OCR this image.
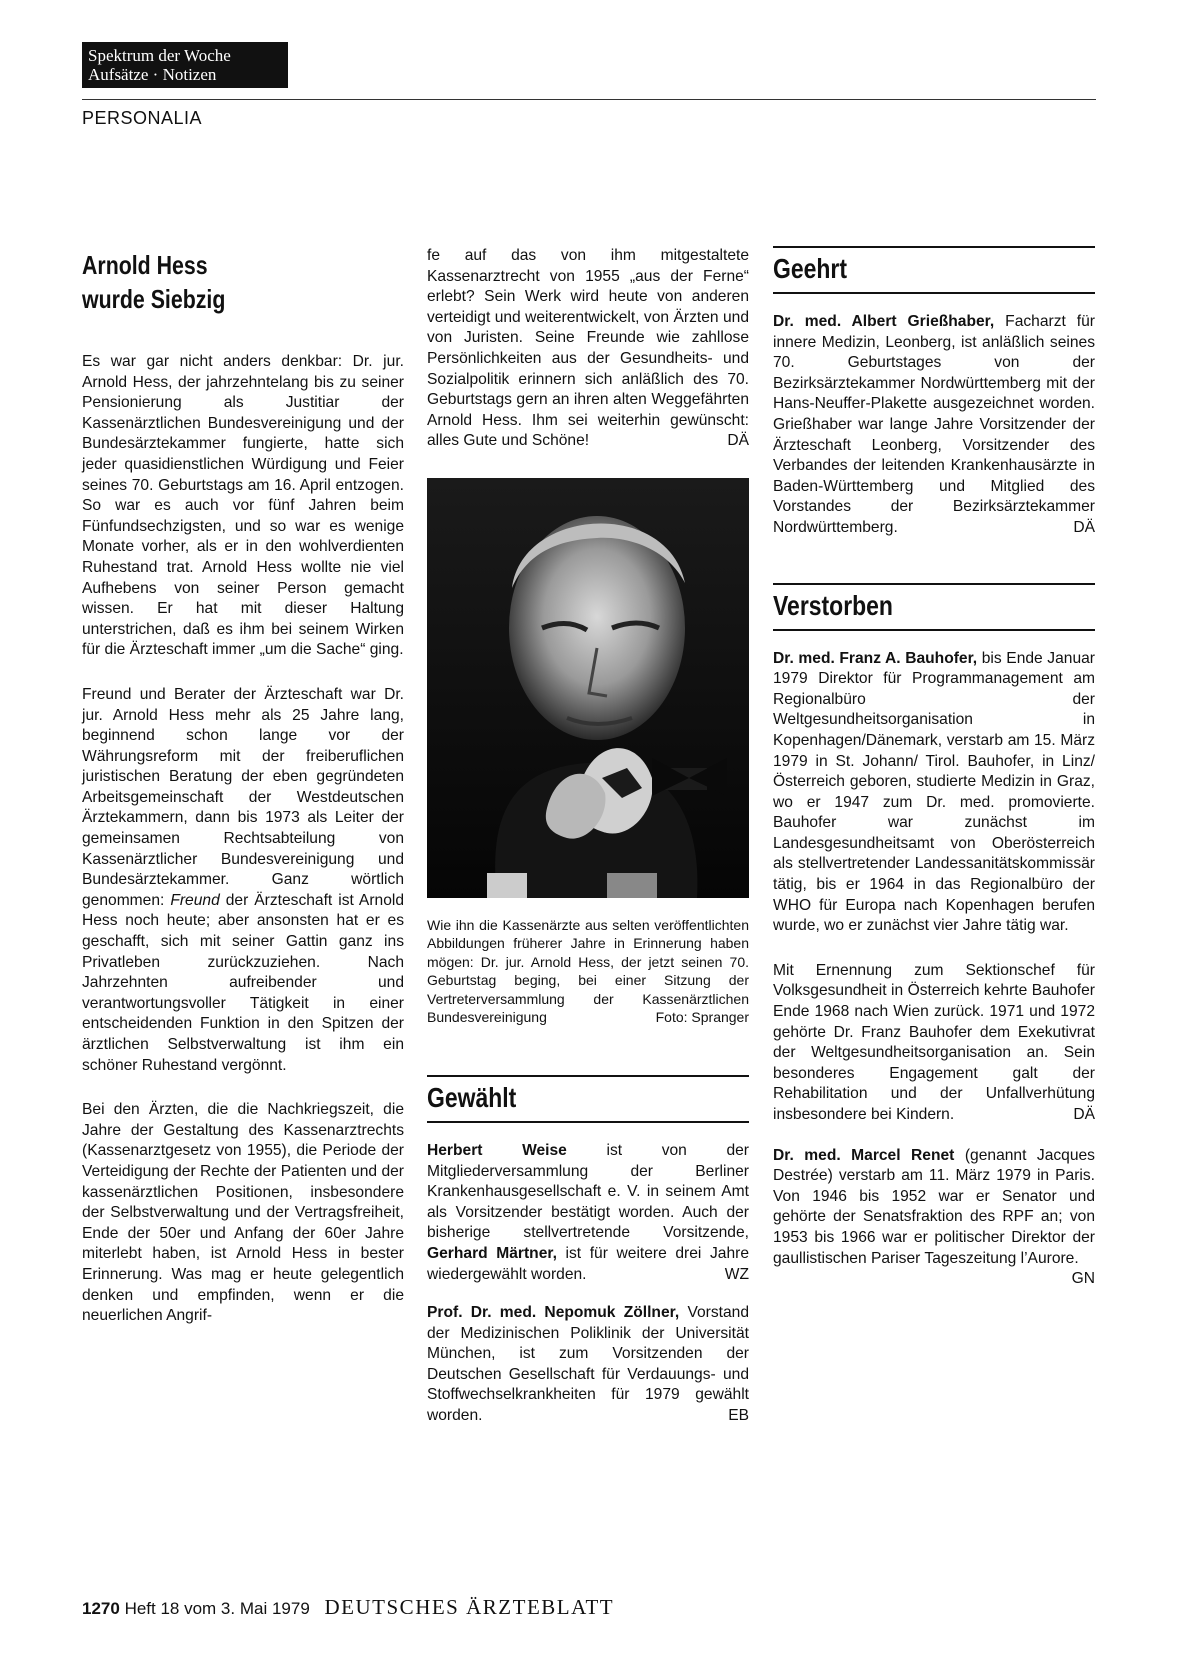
Spektrum der Woche
Aufsätze · Notizen
PERSONALIA
Arnold Hess
wurde Siebzig

Es war gar nicht anders denkbar: Dr. jur. Arnold Hess, der jahrzehntelang bis zu seiner Pensionierung als Justitiar der Kassenärztlichen Bundesvereinigung und der Bundesärztekammer fungierte, hatte sich jeder quasidienstlichen Würdigung und Feier seines 70. Geburtstags am 16. April entzogen. So war es auch vor fünf Jahren beim Fünfundsechzigsten, und so war es wenige Monate vorher, als er in den wohlverdienten Ruhestand trat. Arnold Hess wollte nie viel Aufhebens von seiner Person gemacht wissen. Er hat mit dieser Haltung unterstrichen, daß es ihm bei seinem Wirken für die Ärzteschaft immer „um die Sache“ ging.

Freund und Berater der Ärzteschaft war Dr. jur. Arnold Hess mehr als 25 Jahre lang, beginnend schon lange vor der Währungsreform mit der freiberuflichen juristischen Beratung der eben gegründeten Arbeitsgemeinschaft der Westdeutschen Ärztekammern, dann bis 1973 als Leiter der gemeinsamen Rechtsabteilung von Kassenärztlicher Bundesvereinigung und Bundesärztekammer. Ganz wörtlich genommen: Freund der Ärzteschaft ist Arnold Hess noch heute; aber ansonsten hat er es geschafft, sich mit seiner Gattin ganz ins Privatleben zurückzuziehen. Nach Jahrzehnten aufreibender und verantwortungsvoller Tätigkeit in einer entscheidenden Funktion in den Spitzen der ärztlichen Selbstverwaltung ist ihm ein schöner Ruhestand vergönnt.

Bei den Ärzten, die die Nachkriegszeit, die Jahre der Gestaltung des Kassenarztrechts (Kassenarztgesetz von 1955), die Periode der Verteidigung der Rechte der Patienten und der kassenärztlichen Positionen, insbesondere der Selbstverwaltung und der Vertragsfreiheit, Ende der 50er und Anfang der 60er Jahre miterlebt haben, ist Arnold Hess in bester Erinnerung. Was mag er heute gelegentlich denken und empfinden, wenn er die neuerlichen Angrif-

fe auf das von ihm mitgestaltete Kassenarztrecht von 1955 „aus der Ferne“ erlebt? Sein Werk wird heute von anderen verteidigt und weiterentwickelt, von Ärzten und von Juristen. Seine Freunde wie zahllose Persönlichkeiten aus der Gesundheits- und Sozialpolitik erinnern sich anläßlich des 70. Geburtstags gern an ihren alten Weggefährten Arnold Hess. Ihm sei weiterhin gewünscht: alles Gute und Schöne!	DÄ

Wie ihn die Kassenärzte aus selten veröffentlichten Abbildungen früherer Jahre in Erinnerung haben mögen: Dr. jur. Arnold Hess, der jetzt seinen 70. Geburtstag beging, bei einer Sitzung der Vertreterversammlung der Kassenärztlichen Bundesvereinigung	Foto: Spranger
Gewählt

Herbert Weise	ist von der Mitgliederversammlung der Berliner Krankenhausgesellschaft e. V. in seinem Amt als Vorsitzender bestätigt worden. Auch der bisherige stellvertretende Vorsitzende, Gerhard Märtner, ist für weitere drei Jahre wiedergewählt worden.	WZ

Prof. Dr. med. Nepomuk Zöllner, Vorstand der Medizinischen Poliklinik der Universität München, ist zum Vorsitzenden der Deutschen Gesellschaft für Verdauungs- und Stoffwechselkrankheiten für 1979 gewählt worden.	EB

Geehrt

Dr. med. Albert Grießhaber, Facharzt für innere Medizin, Leonberg, ist anläßlich seines 70. Geburtstages von der Bezirksärztekammer Nordwürttemberg mit der Hans-Neuffer-Plakette ausgezeichnet worden. Grießhaber war lange Jahre Vorsitzender der Ärzteschaft Leonberg, Vorsitzender des Verbandes der leitenden Krankenhausärzte in Baden-Württemberg und Mitglied des Vorstandes der Bezirksärztekammer Nordwürttemberg.	DÄ

Verstorben

Dr. med. Franz A. Bauhofer, bis Ende Januar 1979 Direktor für Programmanagement am Regionalbüro der Weltgesundheitsorganisation in Kopenhagen/Dänemark, verstarb am 15. März 1979 in St. Johann/ Tirol. Bauhofer, in Linz/Österreich geboren, studierte Medizin in Graz, wo er 1947 zum Dr. med. promovierte. Bauhofer war zunächst im Landesgesundheitsamt von Oberösterreich als stellvertretender Landessanitätskommissär tätig, bis er 1964 in das Regionalbüro der WHO für Europa nach Kopenhagen berufen wurde, wo er zunächst vier Jahre tätig war.

Mit Ernennung zum Sektionschef für Volksgesundheit in Österreich kehrte Bauhofer Ende 1968 nach Wien zurück. 1971 und 1972 gehörte Dr. Franz Bauhofer dem Exekutivrat der Weltgesundheitsorganisation an. Sein besonderes Engagement galt der Rehabilitation und der Unfallverhütung insbesondere bei Kindern.	DÄ

Dr. med. Marcel Renet (genannt Jacques Destrée) verstarb am 11. März 1979 in Paris. Von 1946 bis 1952 war er Senator und gehörte der Senatsfraktion des RPF an; von 1953 bis 1966 war er politischer Direktor der gaullistischen Pariser Tageszeitung l’Aurore.
GN

1270 Heft 18 vom 3. Mai 1979 DEUTSCHES ÄRZTEBLATT
